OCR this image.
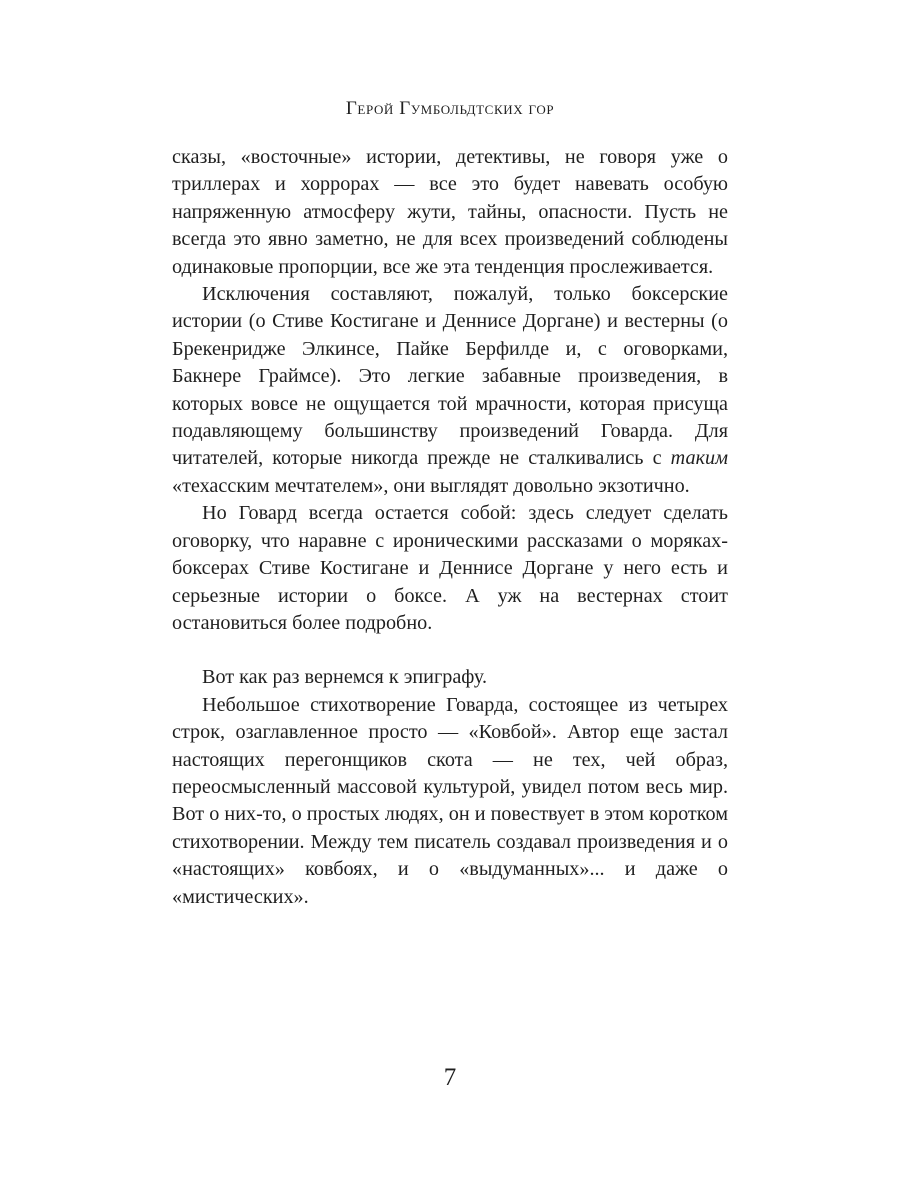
Герой Гумбольдтских гор

сказы, «восточные» истории, детективы, не говоря уже о триллерах и хоррорах — все это будет навевать особую напряженную атмосферу жути, тайны, опасности. Пусть не всегда это явно заметно, не для всех произведений соблюдены одинаковые пропорции, все же эта тенденция прослеживается.

Исключения составляют, пожалуй, только боксерские истории (о Стиве Костигане и Деннисе Доргане) и вестерны (о Брекенридже Элкинсе, Пайке Берфилде и, с оговорками, Бакнере Граймсе). Это легкие забавные произведения, в которых вовсе не ощущается той мрачности, которая присуща подавляющему большинству произведений Говарда. Для читателей, которые никогда прежде не сталкивались с таким «техасским мечтателем», они выглядят довольно экзотично.

Но Говард всегда остается собой: здесь следует сделать оговорку, что наравне с ироническими рассказами о моряках-боксерах Стиве Костигане и Деннисе Доргане у него есть и серьезные истории о боксе. А уж на вестернах стоит остановиться более подробно.

Вот как раз вернемся к эпиграфу.

Небольшое стихотворение Говарда, состоящее из четырех строк, озаглавленное просто — «Ковбой». Автор еще застал настоящих перегонщиков скота — не тех, чей образ, переосмысленный массовой культурой, увидел потом весь мир. Вот о них-то, о простых людях, он и повествует в этом коротком стихотворении. Между тем писатель создавал произведения и о «настоящих» ковбоях, и о «выдуманных»... и даже о «мистических».

7
